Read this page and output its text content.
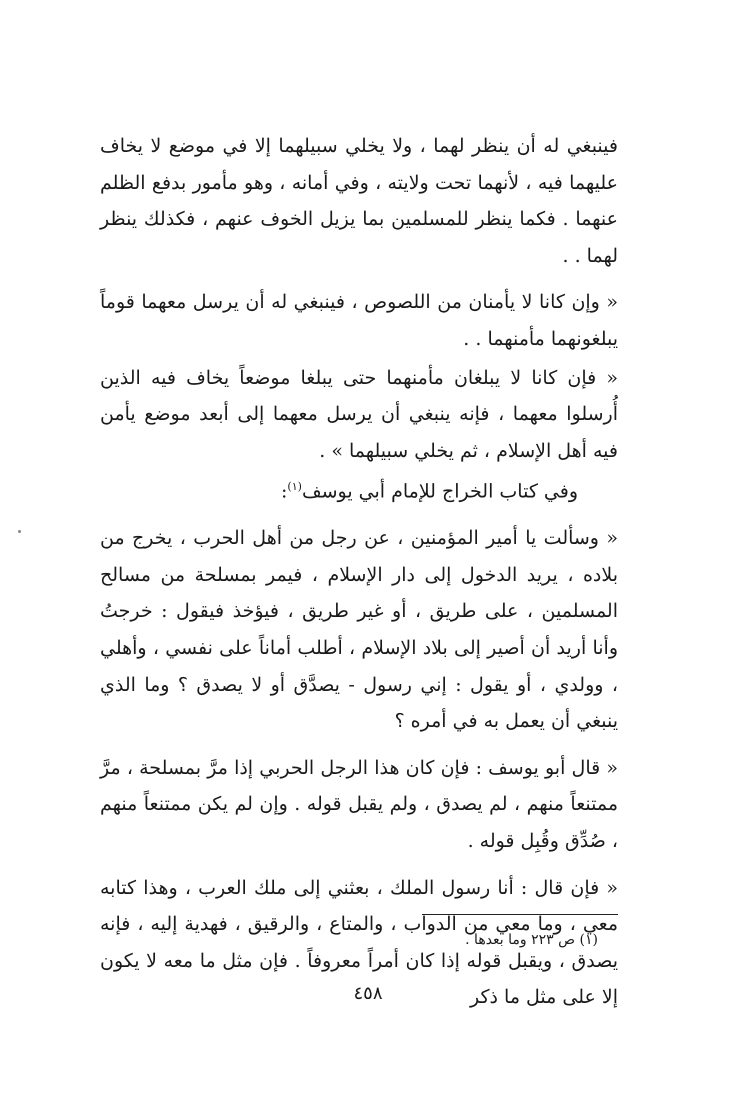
فينبغي له أن ينظر لهما ، ولا يخلي سبيلهما إلا في موضع لا يخاف عليهما فيه ، لأنهما تحت ولايته ، وفي أمانه ، وهو مأمور بدفع الظلم عنهما . فكما ينظر للمسلمين بما يزيل الخوف عنهم ، فكذلك ينظر لهما . .

« وإن كانا لا يأمنان من اللصوص ، فينبغي له أن يرسل معهما قوماً يبلغونهما مأمنهما . .

« فإن كانا لا يبلغان مأمنهما حتى يبلغا موضعاً يخاف فيه الذين أُرسلوا معهما ، فإنه ينبغي أن يرسل معهما إلى أبعد موضع يأمن فيه أهل الإسلام ، ثم يخلي سبيلهما » .

وفي كتاب الخراج للإمام أبي يوسف$^{(١)}$:

« وسألت يا أمير المؤمنين ، عن رجل من أهل الحرب ، يخرج من بلاده ، يريد الدخول إلى دار الإسلام ، فيمر بمسلحة من مسالح المسلمين ، على طريق ، أو غير طريق ، فيؤخذ فيقول : خرجتُ وأنا أريد أن أصير إلى بلاد الإسلام ، أطلب أماناً على نفسي ، وأهلي ، وولدي ، أو يقول : إني رسول - يصدَّق أو لا يصدق ؟ وما الذي ينبغي أن يعمل به في أمره ؟

« قال أبو يوسف : فإن كان هذا الرجل الحربي إذا مرَّ بمسلحة ، مرَّ ممتنعاً منهم ، لم يصدق ، ولم يقبل قوله . وإن لم يكن ممتنعاً منهم ، صُدِّق وقُبِل قوله .

« فإن قال : أنا رسول الملك ، بعثني إلى ملك العرب ، وهذا كتابه معي ، وما معي من الدواب ، والمتاع ، والرقيق ، فهدية إليه ، فإنه يصدق ، ويقبل قوله إذا كان أمراً معروفاً . فإن مثل ما معه لا يكون إلا على مثل ما ذكر

(١) ص ٢٢٣ وما بعدها .
٤٥٨
